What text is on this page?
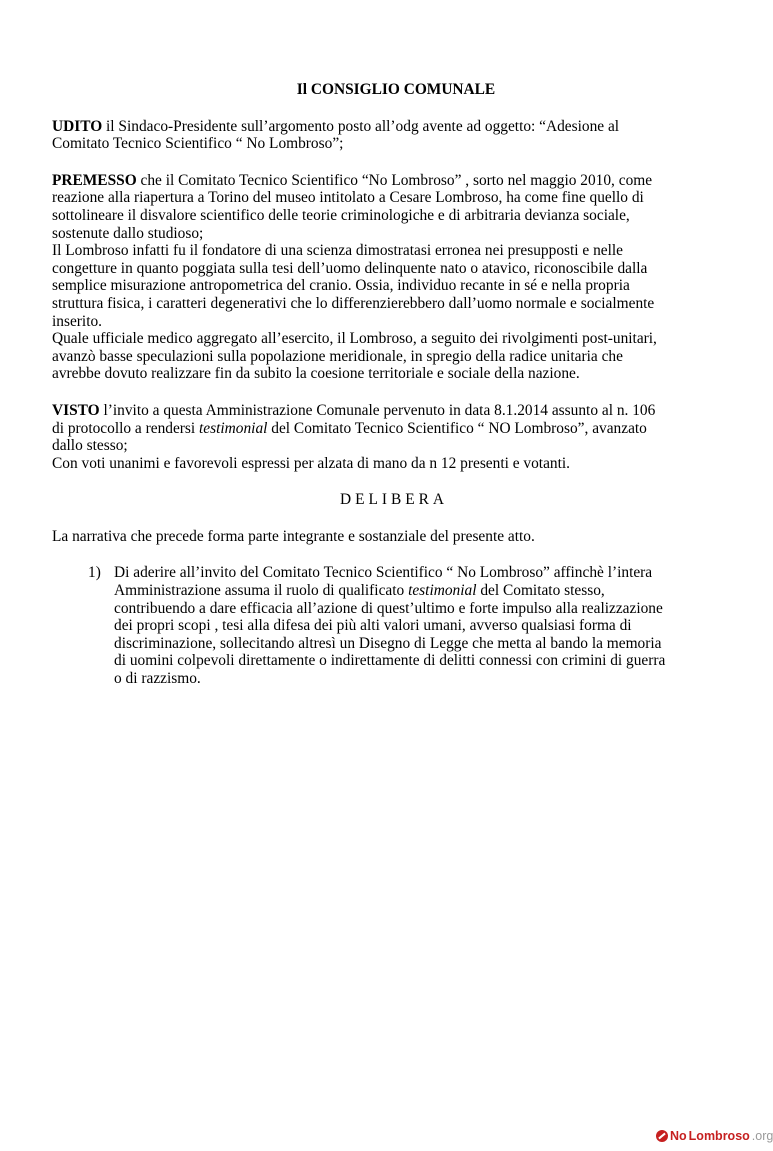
Il CONSIGLIO COMUNALE

UDITO il Sindaco-Presidente sull’argomento posto all’odg avente ad oggetto: “Adesione al

Comitato Tecnico Scientifico “ No Lombroso”;

PREMESSO che il Comitato Tecnico Scientifico “No Lombroso” , sorto nel maggio 2010, come

reazione alla riapertura a Torino del museo intitolato a Cesare Lombroso, ha come fine quello di

sottolineare il disvalore scientifico delle teorie criminologiche e di arbitraria devianza sociale,

sostenute dallo studioso;

Il Lombroso infatti fu il fondatore di una scienza dimostratasi erronea nei presupposti e nelle

congetture in quanto poggiata sulla tesi dell’uomo delinquente nato o atavico, riconoscibile dalla

semplice misurazione antropometrica del cranio. Ossia, individuo recante in sé e nella propria

struttura fisica, i caratteri degenerativi che lo differenzierebbero dall’uomo normale e socialmente

inserito.

Quale ufficiale medico aggregato all’esercito, il Lombroso, a seguito dei rivolgimenti post-unitari,

avanzò basse speculazioni sulla popolazione meridionale, in spregio della radice unitaria che

avrebbe dovuto realizzare fin da subito la coesione territoriale e sociale della nazione.

VISTO l’invito a questa Amministrazione Comunale pervenuto in data 8.1.2014 assunto al n. 106

di protocollo a rendersi testimonial del Comitato Tecnico Scientifico “ NO Lombroso”, avanzato

dallo stesso;

Con voti unanimi e favorevoli espressi per alzata di mano da n 12 presenti e votanti.

DELIBERA

La narrativa che precede forma parte integrante e sostanziale del presente atto.

1) Di aderire all’invito del Comitato Tecnico Scientifico “ No Lombroso” affinchè l’intera

Amministrazione assuma il ruolo di qualificato testimonial del Comitato stesso,

contribuendo a dare efficacia all’azione di quest’ultimo e forte impulso alla realizzazione

dei propri scopi , tesi alla difesa dei più alti valori umani, avverso qualsiasi forma di

discriminazione, sollecitando altresì un Disegno di Legge che metta al bando la memoria

di uomini colpevoli direttamente o indirettamente di delitti connessi con crimini di guerra

o di razzismo.

No Lombroso .org
